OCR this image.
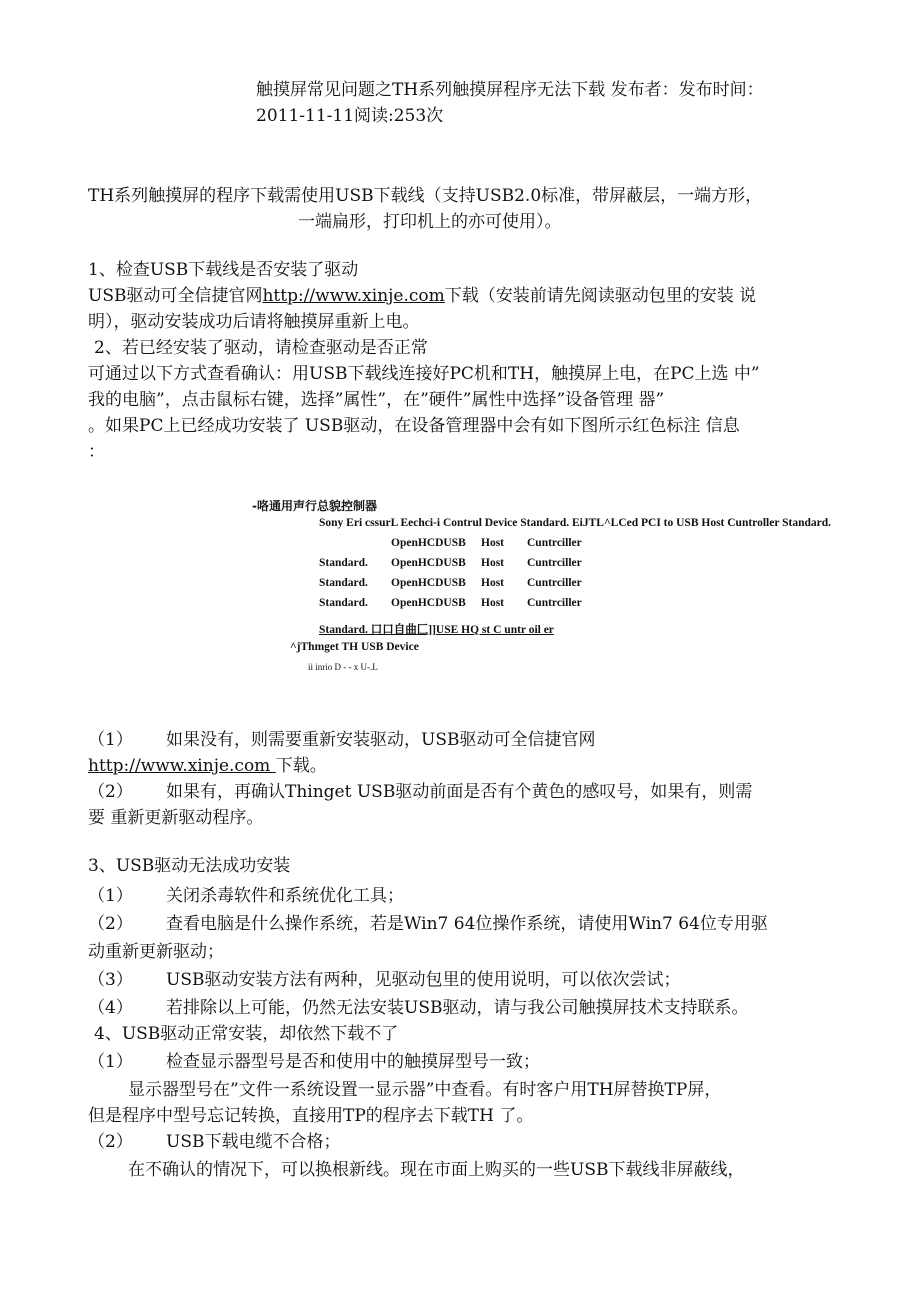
触摸屏常见问题之TH系列触摸屏程序无法下载 发布者：发布时间：
2011-11-11阅读:253次
TH系列触摸屏的程序下载需使用USB下载线（支持USB2.0标准，带屏蔽层，一端方形，
一端扁形，打印机上的亦可使用）。
1、检查USB下载线是否安装了驱动
USB驱动可全信捷官网http://www.xinje.com下载（安装前请先阅读驱动包里的安装 说
明），驱动安装成功后请将触摸屏重新上电。
2、若已经安装了驱动，请检查驱动是否正常
可通过以下方式查看确认：用USB下载线连接好PC机和TH，触摸屏上电，在PC上选 中”
我的电脑”，点击鼠标右键，选择”属性”，在”硬件”属性中选择”设备管理 器”
。如果PC上已经成功安装了 USB驱动，在设备管理器中会有如下图所示红色标注 信息
：
-咯通用声行总貌控制器
Sony Eri cssurL Eechci-i Contrul Device Standard. EiJTL^LCed PCI to USB Host Cuntroller Standard.
OpenHCDUSB Host Cuntrciller
Standard. OpenHCDUSB Host Cuntrciller
Standard. OpenHCDUSB Host Cuntrciller
Standard. OpenHCDUSB Host Cuntrciller
Standard. 口口自曲匚]]USE HQ st C untr oil er
^jThmget TH USB Device
ii inrio D - - x U-.L
（1） 如果没有，则需要重新安装驱动，USB驱动可全信捷官网
http://www.xinje.com 下载。
（2） 如果有，再确认Thinget USB驱动前面是否有个黄色的感叹号，如果有，则需
要 重新更新驱动程序。
3、USB驱动无法成功安装
（1） 关闭杀毒软件和系统优化工具；
（2） 查看电脑是什么操作系统，若是Win7 64位操作系统，请使用Win7 64位专用驱
动重新更新驱动；
（3） USB驱动安装方法有两种，见驱动包里的使用说明，可以依次尝试；
（4） 若排除以上可能，仍然无法安装USB驱动，请与我公司触摸屏技术支持联系。
4、USB驱动正常安装，却依然下载不了
（1） 检查显示器型号是否和使用中的触摸屏型号一致；
显示器型号在”文件一系统设置一显示器”中查看。有时客户用TH屏替换TP屏，
但是程序中型号忘记转换，直接用TP的程序去下载TH 了。
（2） USB下载电缆不合格；
在不确认的情况下，可以换根新线。现在市面上购买的一些USB下载线非屏蔽线，
